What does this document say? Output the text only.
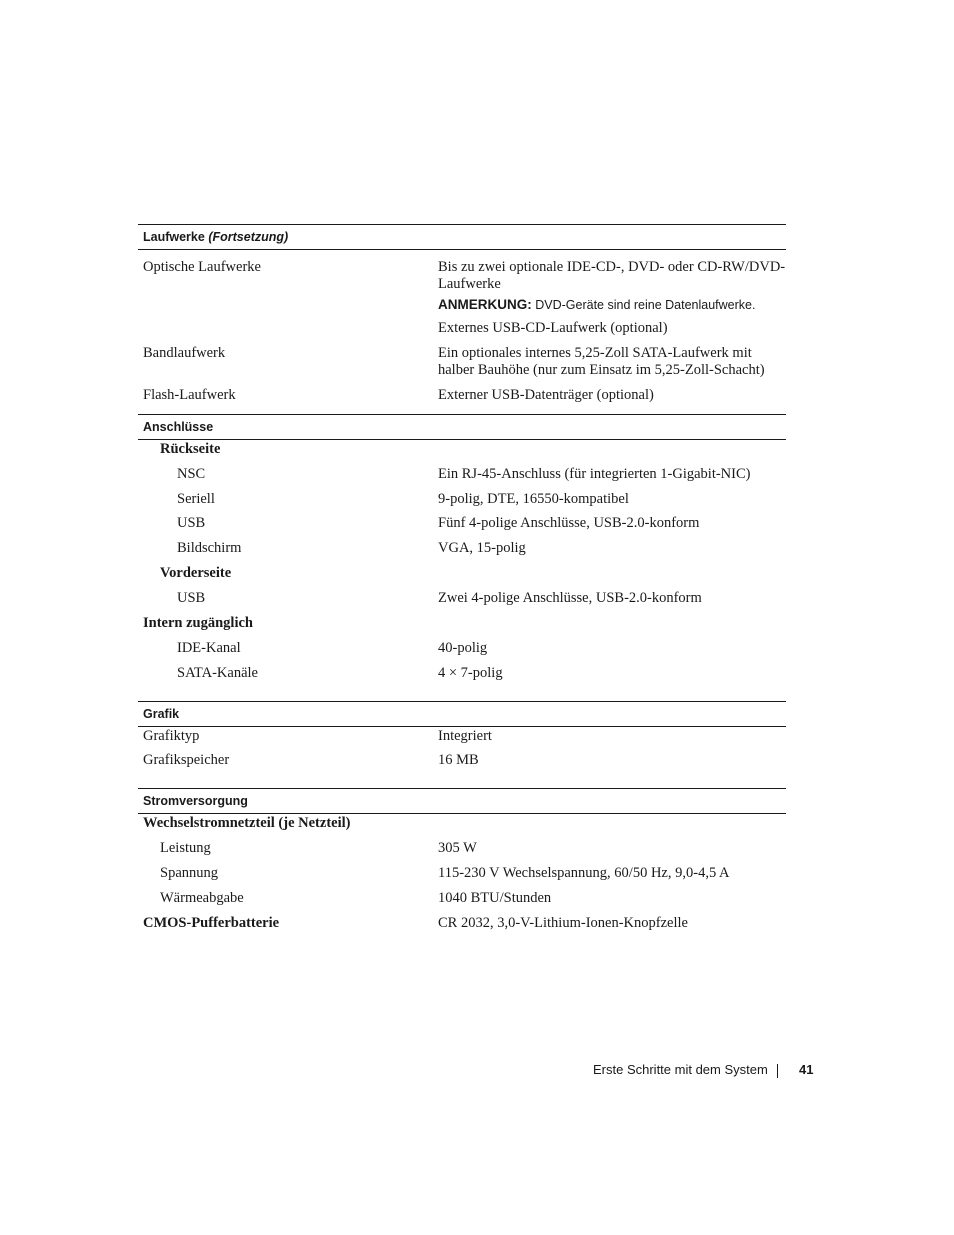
Laufwerke (Fortsetzung)
Optische Laufwerke	Bis zu zwei optionale IDE-CD-, DVD- oder CD-RW/DVD-Laufwerke
ANMERKUNG: DVD-Geräte sind reine Datenlaufwerke.
Externes USB-CD-Laufwerk (optional)
Bandlaufwerk	Ein optionales internes 5,25-Zoll SATA-Laufwerk mit halber Bauhöhe (nur zum Einsatz im 5,25-Zoll-Schacht)
Flash-Laufwerk	Externer USB-Datenträger (optional)
Anschlüsse
Rückseite
NSC	Ein RJ-45-Anschluss (für integrierten 1-Gigabit-NIC)
Seriell	9-polig, DTE, 16550-kompatibel
USB	Fünf 4-polige Anschlüsse, USB-2.0-konform
Bildschirm	VGA, 15-polig
Vorderseite
USB	Zwei 4-polige Anschlüsse, USB-2.0-konform
Intern zugänglich
IDE-Kanal	40-polig
SATA-Kanäle	4 × 7-polig
Grafik
Grafiktyp	Integriert
Grafikspeicher	16 MB
Stromversorgung
Wechselstromnetzteil (je Netzteil)
Leistung	305 W
Spannung	115-230 V Wechselspannung, 60/50 Hz, 9,0-4,5 A
Wärmeabgabe	1040 BTU/Stunden
CMOS-Pufferbatterie	CR 2032, 3,0-V-Lithium-Ionen-Knopfzelle
Erste Schritte mit dem System 41
